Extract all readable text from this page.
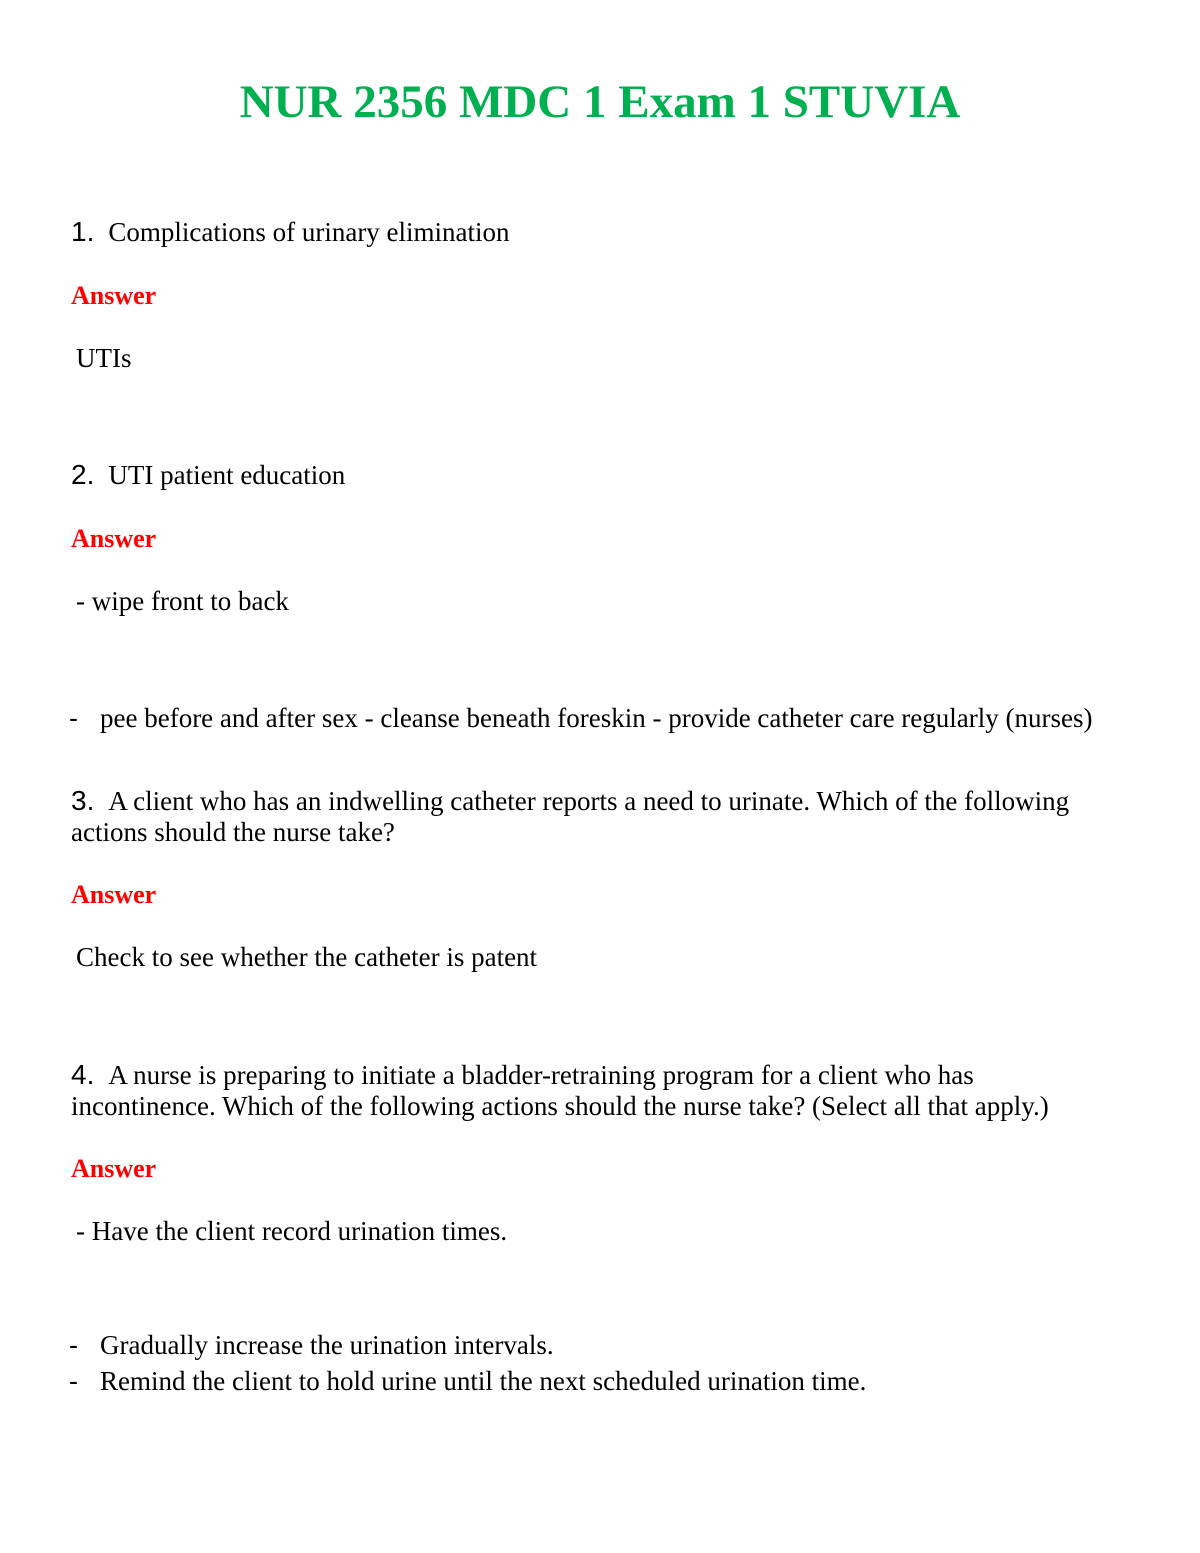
NUR 2356 MDC 1 Exam 1 STUVIA
1. Complications of urinary elimination
Answer
UTIs
2. UTI patient education
Answer
- wipe front to back
- pee before and after sex - cleanse beneath foreskin - provide catheter care regularly (nurses)
3. A client who has an indwelling catheter reports a need to urinate. Which of the following actions should the nurse take?
Answer
Check to see whether the catheter is patent
4. A nurse is preparing to initiate a bladder-retraining program for a client who has incontinence. Which of the following actions should the nurse take? (Select all that apply.)
Answer
- Have the client record urination times.
- Gradually increase the urination intervals.
- Remind the client to hold urine until the next scheduled urination time.
